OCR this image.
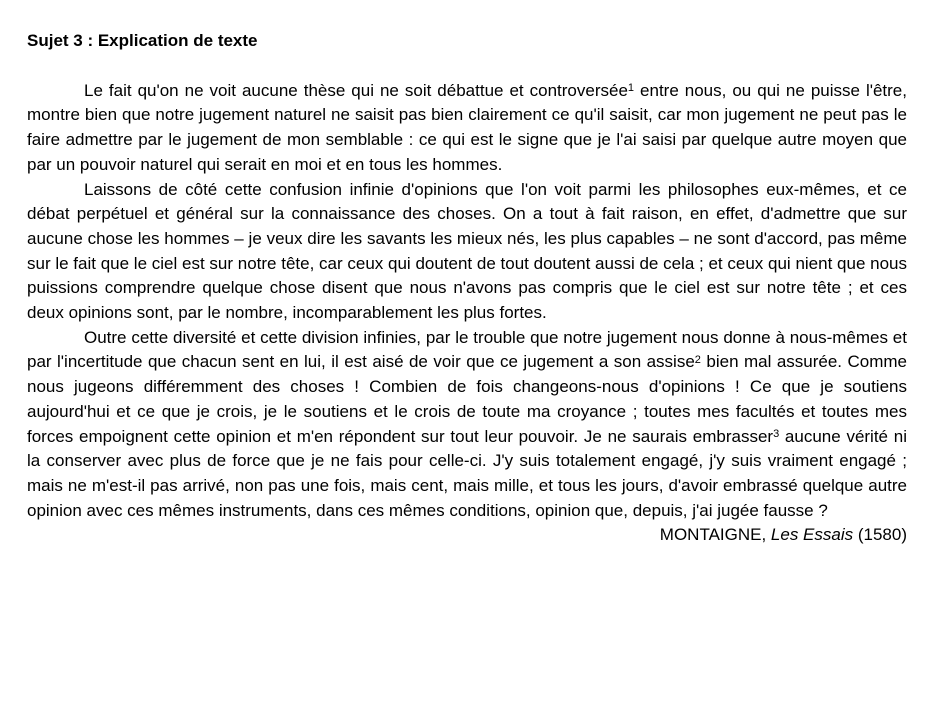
Sujet 3 : Explication de texte

Le fait qu'on ne voit aucune thèse qui ne soit débattue et controversée$^1$ entre nous, ou qui ne puisse l'être, montre bien que notre jugement naturel ne saisit pas bien clairement ce qu'il saisit, car mon jugement ne peut pas le faire admettre par le jugement de mon semblable : ce qui est le signe que je l'ai saisi par quelque autre moyen que par un pouvoir naturel qui serait en moi et en tous les hommes.

Laissons de côté cette confusion infinie d'opinions que l'on voit parmi les philosophes eux-mêmes, et ce débat perpétuel et général sur la connaissance des choses. On a tout à fait raison, en effet, d'admettre que sur aucune chose les hommes – je veux dire les savants les mieux nés, les plus capables – ne sont d'accord, pas même sur le fait que le ciel est sur notre tête, car ceux qui doutent de tout doutent aussi de cela ; et ceux qui nient que nous puissions comprendre quelque chose disent que nous n'avons pas compris que le ciel est sur notre tête ; et ces deux opinions sont, par le nombre, incomparablement les plus fortes.

Outre cette diversité et cette division infinies, par le trouble que notre jugement nous donne à nous-mêmes et par l'incertitude que chacun sent en lui, il est aisé de voir que ce jugement a son assise$^2$ bien mal assurée. Comme nous jugeons différemment des choses ! Combien de fois changeons-nous d'opinions ! Ce que je soutiens aujourd'hui et ce que je crois, je le soutiens et le crois de toute ma croyance ; toutes mes facultés et toutes mes forces empoignent cette opinion et m'en répondent sur tout leur pouvoir. Je ne saurais embrasser$^3$ aucune vérité ni la conserver avec plus de force que je ne fais pour celle-ci. J'y suis totalement engagé, j'y suis vraiment engagé ; mais ne m'est-il pas arrivé, non pas une fois, mais cent, mais mille, et tous les jours, d'avoir embrassé quelque autre opinion avec ces mêmes instruments, dans ces mêmes conditions, opinion que, depuis, j'ai jugée fausse ?

MONTAIGNE, Les Essais (1580)
